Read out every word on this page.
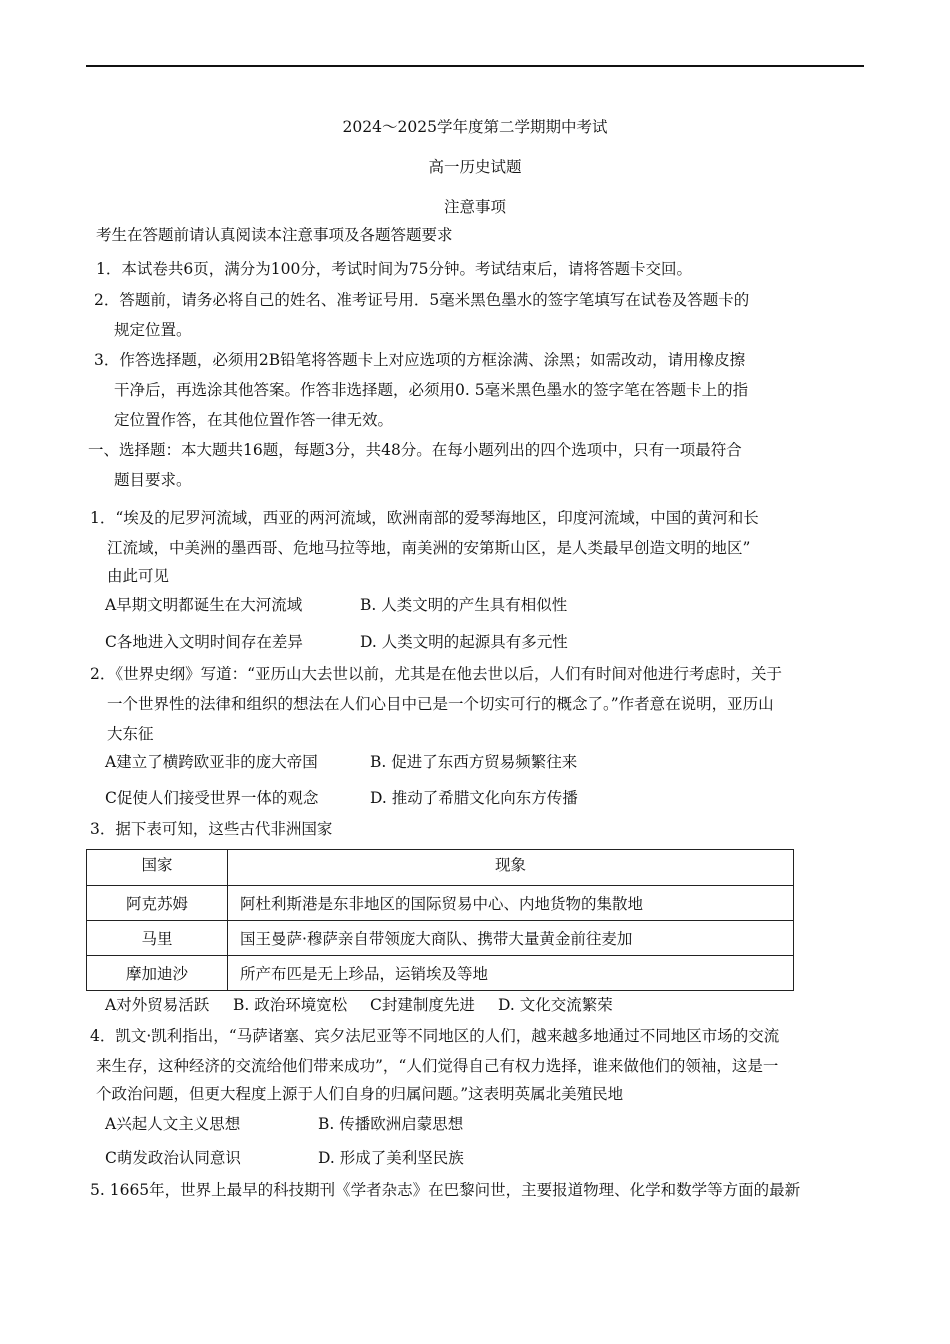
2024～2025学年度第二学期期中考试
高一历史试题
注意事项
考生在答题前请认真阅读本注意事项及各题答题要求
1．本试卷共6页，满分为100分，考试时间为75分钟。考试结束后，请将答题卡交回。
2．答题前，请务必将自己的姓名、准考证号用．5毫米黑色墨水的签字笔填写在试卷及答题卡的
规定位置。
3．作答选择题，必须用2B铅笔将答题卡上对应选项的方框涂满、涂黑；如需改动，请用橡皮擦
干净后，再选涂其他答案。作答非选择题，必须用0. 5毫米黑色墨水的签字笔在答题卡上的指
定位置作答，在其他位置作答一律无效。
一、选择题：本大题共16题，每题3分，共48分。在每小题列出的四个选项中，只有一项最符合
题目要求。
1．“埃及的尼罗河流域，西亚的两河流域，欧洲南部的爱琴海地区，印度河流域，中国的黄河和长
江流域，中美洲的墨西哥、危地马拉等地，南美洲的安第斯山区，是人类最早创造文明的地区”
由此可见
A早期文明都诞生在大河流域	B. 人类文明的产生具有相似性
C各地进入文明时间存在差异	D. 人类文明的起源具有多元性
2．《世界史纲》写道：“亚历山大去世以前，尤其是在他去世以后，人们有时间对他进行考虑时，关于
一个世界性的法律和组织的想法在人们心目中已是一个切实可行的概念了。”作者意在说明，亚历山
大东征
A建立了横跨欧亚非的庞大帝国	B. 促进了东西方贸易频繁往来
C促使人们接受世界一体的观念	D. 推动了希腊文化向东方传播
3．据下表可知，这些古代非洲国家
国家	现象
阿克苏姆	阿杜利斯港是东非地区的国际贸易中心、内地货物的集散地
马里	国王曼萨·穆萨亲自带领庞大商队、携带大量黄金前往麦加
摩加迪沙	所产布匹是无上珍品，运销埃及等地
A对外贸易活跃 B. 政治环境宽松 C封建制度先进 D. 文化交流繁荣
4．凯文·凯利指出，“马萨诸塞、宾夕法尼亚等不同地区的人们，越来越多地通过不同地区市场的交流
来生存，这种经济的交流给他们带来成功”，“人们觉得自己有权力选择，谁来做他们的领袖，这是一
个政治问题，但更大程度上源于人们自身的归属问题。”这表明英属北美殖民地
A兴起人文主义思想	B. 传播欧洲启蒙思想
C萌发政治认同意识	D. 形成了美利坚民族
5. 1665年，世界上最早的科技期刊《学者杂志》在巴黎问世，主要报道物理、化学和数学等方面的最新
